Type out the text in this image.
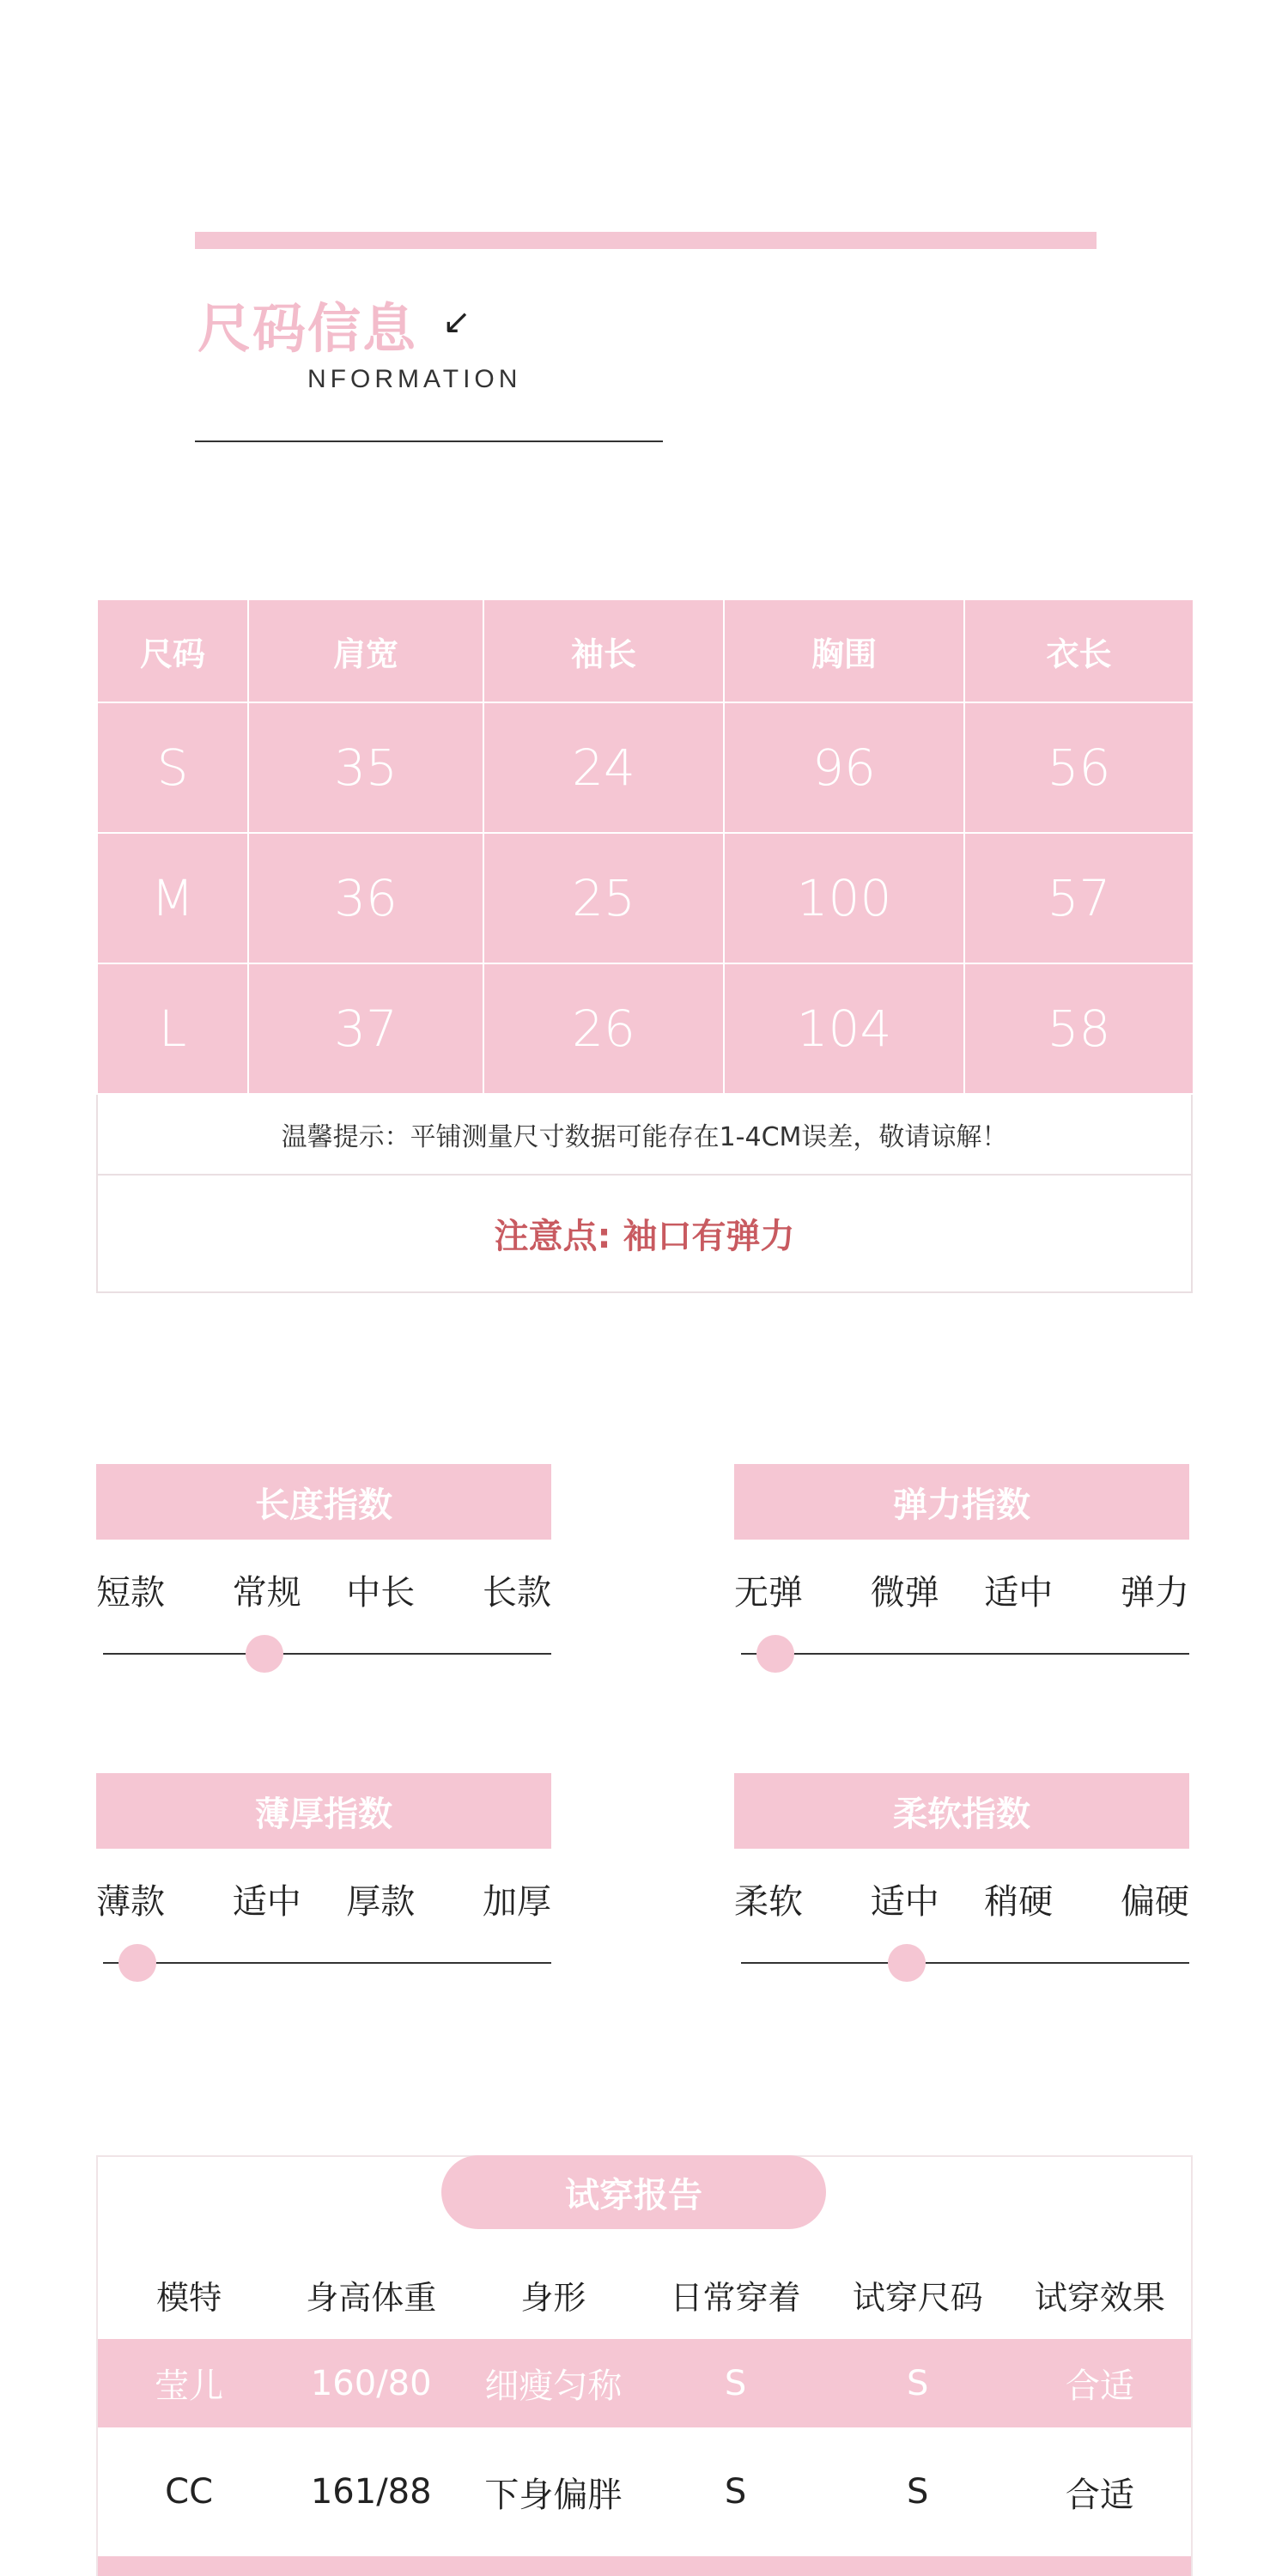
尺码信息 ↙
NFORMATION
尺码	肩宽	袖长	胸围	衣长
S	35	24	96	56
M	36	25	100	57
L	37	26	104	58
温馨提示：平铺测量尺寸数据可能存在1-4CM误差，敬请谅解！
注意点: 袖口有弹力
长度指数
短款	常规	中长	长款
弹力指数
无弹	微弹	适中	弹力
薄厚指数
薄款	适中	厚款	加厚
柔软指数
柔软	适中	稍硬	偏硬
试穿报告
模特	身高体重	身形	日常穿着	试穿尺码	试穿效果
莹儿	160/80	细瘦匀称	S	S	合适
CC	161/88	下身偏胖	S	S	合适
